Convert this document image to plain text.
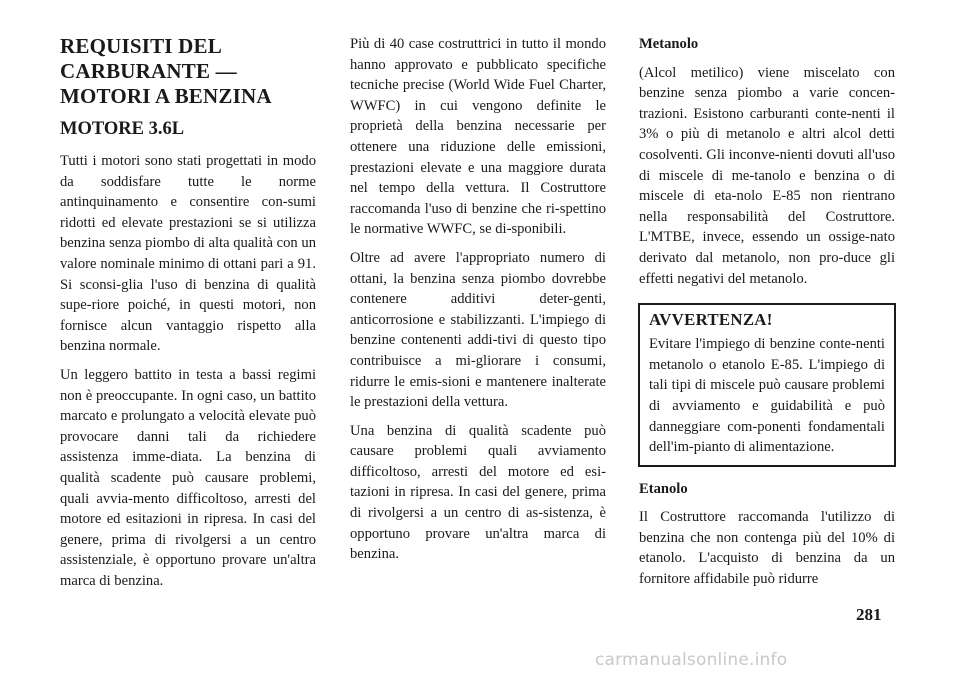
REQUISITI DEL
CARBURANTE —
MOTORI A BENZINA
MOTORE 3.6L

Tutti i motori sono stati progettati in modo da soddisfare tutte le norme antinquinamento e consentire con-sumi ridotti ed elevate prestazioni se si utilizza benzina senza piombo di alta qualità con un valore nominale minimo di ottani pari a 91. Si sconsi-glia l'uso di benzina di qualità supe-riore poiché, in questi motori, non fornisce alcun vantaggio rispetto alla benzina normale.

Un leggero battito in testa a bassi regimi non è preoccupante. In ogni caso, un battito marcato e prolungato a velocità elevate può provocare danni tali da richiedere assistenza imme-diata. La benzina di qualità scadente può causare problemi, quali avvia-mento difficoltoso, arresti del motore ed esitazioni in ripresa. In casi del genere, prima di rivolgersi a un centro assistenziale, è opportuno provare un'altra marca di benzina.

Più di 40 case costruttrici in tutto il mondo hanno approvato e pubblicato specifiche tecniche precise (World Wide Fuel Charter, WWFC) in cui vengono definite le proprietà della benzina necessarie per ottenere una riduzione delle emissioni, prestazioni elevate e una maggiore durata nel tempo della vettura. Il Costruttore raccomanda l'uso di benzine che ri-spettino le normative WWFC, se di-sponibili.

Oltre ad avere l'appropriato numero di ottani, la benzina senza piombo dovrebbe contenere additivi deter-genti, anticorrosione e stabilizzanti. L'impiego di benzine contenenti addi-tivi di questo tipo contribuisce a mi-gliorare i consumi, ridurre le emis-sioni e mantenere inalterate le prestazioni della vettura.

Una benzina di qualità scadente può causare problemi quali avviamento difficoltoso, arresti del motore ed esi-tazioni in ripresa. In casi del genere, prima di rivolgersi a un centro di as-sistenza, è opportuno provare un'altra marca di benzina.

Metanolo

(Alcol metilico) viene miscelato con benzine senza piombo a varie concen-trazioni. Esistono carburanti conte-nenti il 3% o più di metanolo e altri alcol detti cosolventi. Gli inconve-nienti dovuti all'uso di miscele di me-tanolo e benzina o di miscele di eta-nolo E-85 non rientrano nella responsabilità del Costruttore. L'MTBE, invece, essendo un ossige-nato derivato dal metanolo, non pro-duce gli effetti negativi del metanolo.

AVVERTENZA!

Evitare l'impiego di benzine conte-nenti metanolo o etanolo E-85. L'impiego di tali tipi di miscele può causare problemi di avviamento e guidabilità e può danneggiare com-ponenti fondamentali dell'im-pianto di alimentazione.

Etanolo

Il Costruttore raccomanda l'utilizzo di benzina che non contenga più del 10% di etanolo. L'acquisto di benzina da un fornitore affidabile può ridurre

281
carmanualsonline.info
